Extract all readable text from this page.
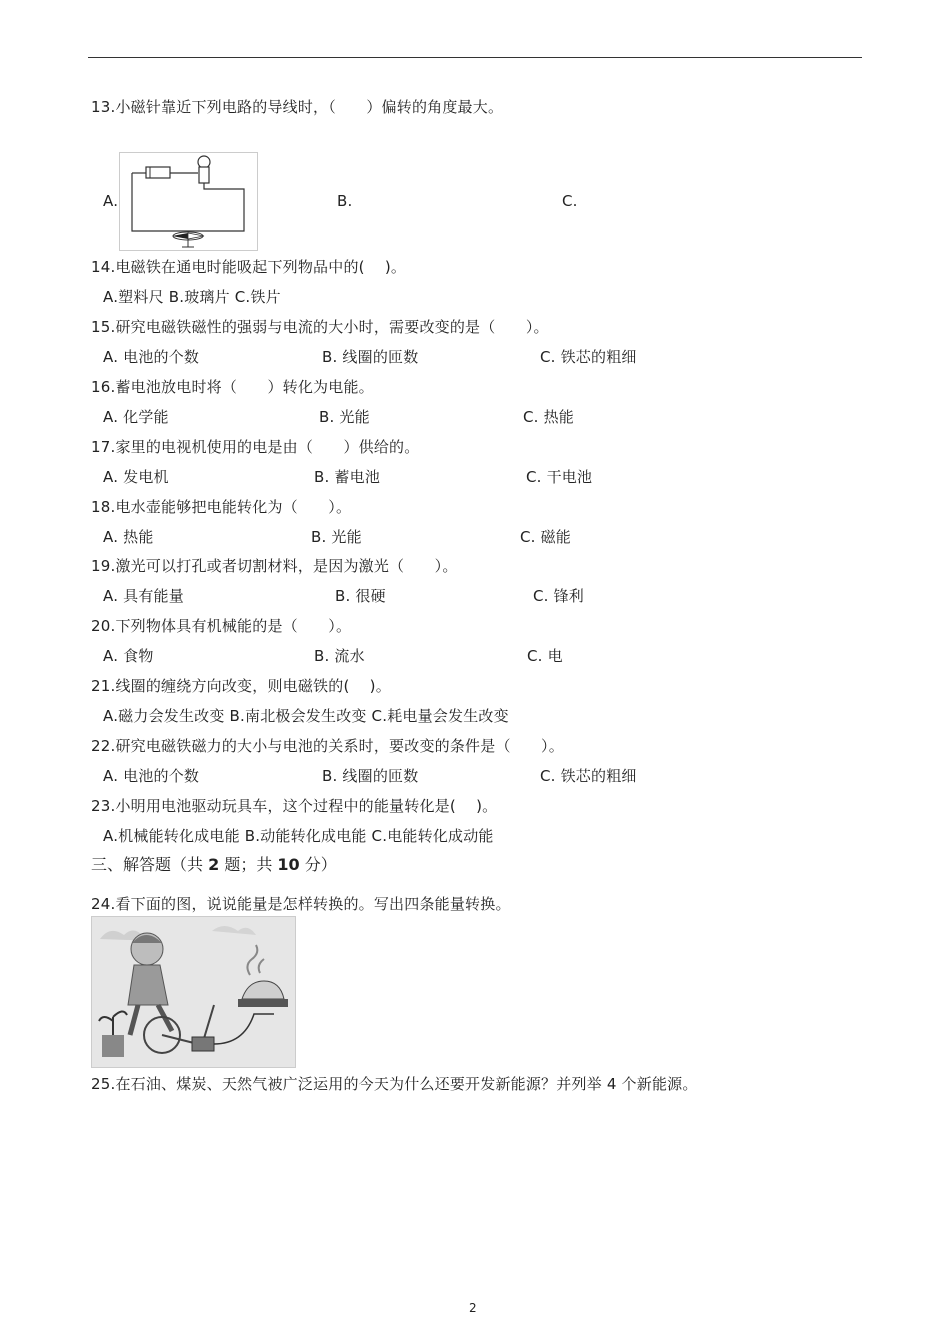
13.小磁针靠近下列电路的导线时，（　　）偏转的角度最大。
A.	B.	C.
14.电磁铁在通电时能吸起下列物品中的(　 )。
A.塑料尺 B.玻璃片 C.铁片
15.研究电磁铁磁性的强弱与电流的大小时，需要改变的是（　　）。
A. 电池的个数	B. 线圈的匝数	C. 铁芯的粗细
16.蓄电池放电时将（　　）转化为电能。
A. 化学能	B. 光能	C. 热能
17.家里的电视机使用的电是由（　　）供给的。
A. 发电机	B. 蓄电池	C. 干电池
18.电水壶能够把电能转化为（　　）。
A. 热能	B. 光能	C. 磁能
19.激光可以打孔或者切割材料，是因为激光（　　）。
A. 具有能量	B. 很硬	C. 锋利
20.下列物体具有机械能的是（　　）。
A. 食物	B. 流水	C. 电
21.线圈的缠绕方向改变，则电磁铁的(　 )。
A.磁力会发生改变 B.南北极会发生改变 C.耗电量会发生改变
22.研究电磁铁磁力的大小与电池的关系时，要改变的条件是（　　）。
A. 电池的个数	B. 线圈的匝数	C. 铁芯的粗细
23.小明用电池驱动玩具车，这个过程中的能量转化是(　 )。
A.机械能转化成电能 B.动能转化成电能 C.电能转化成动能
三、解答题（共 2 题；共 10 分）
24.看下面的图，说说能量是怎样转换的。写出四条能量转换。
25.在石油、煤炭、天然气被广泛运用的今天为什么还要开发新能源？并列举 4 个新能源。
2
